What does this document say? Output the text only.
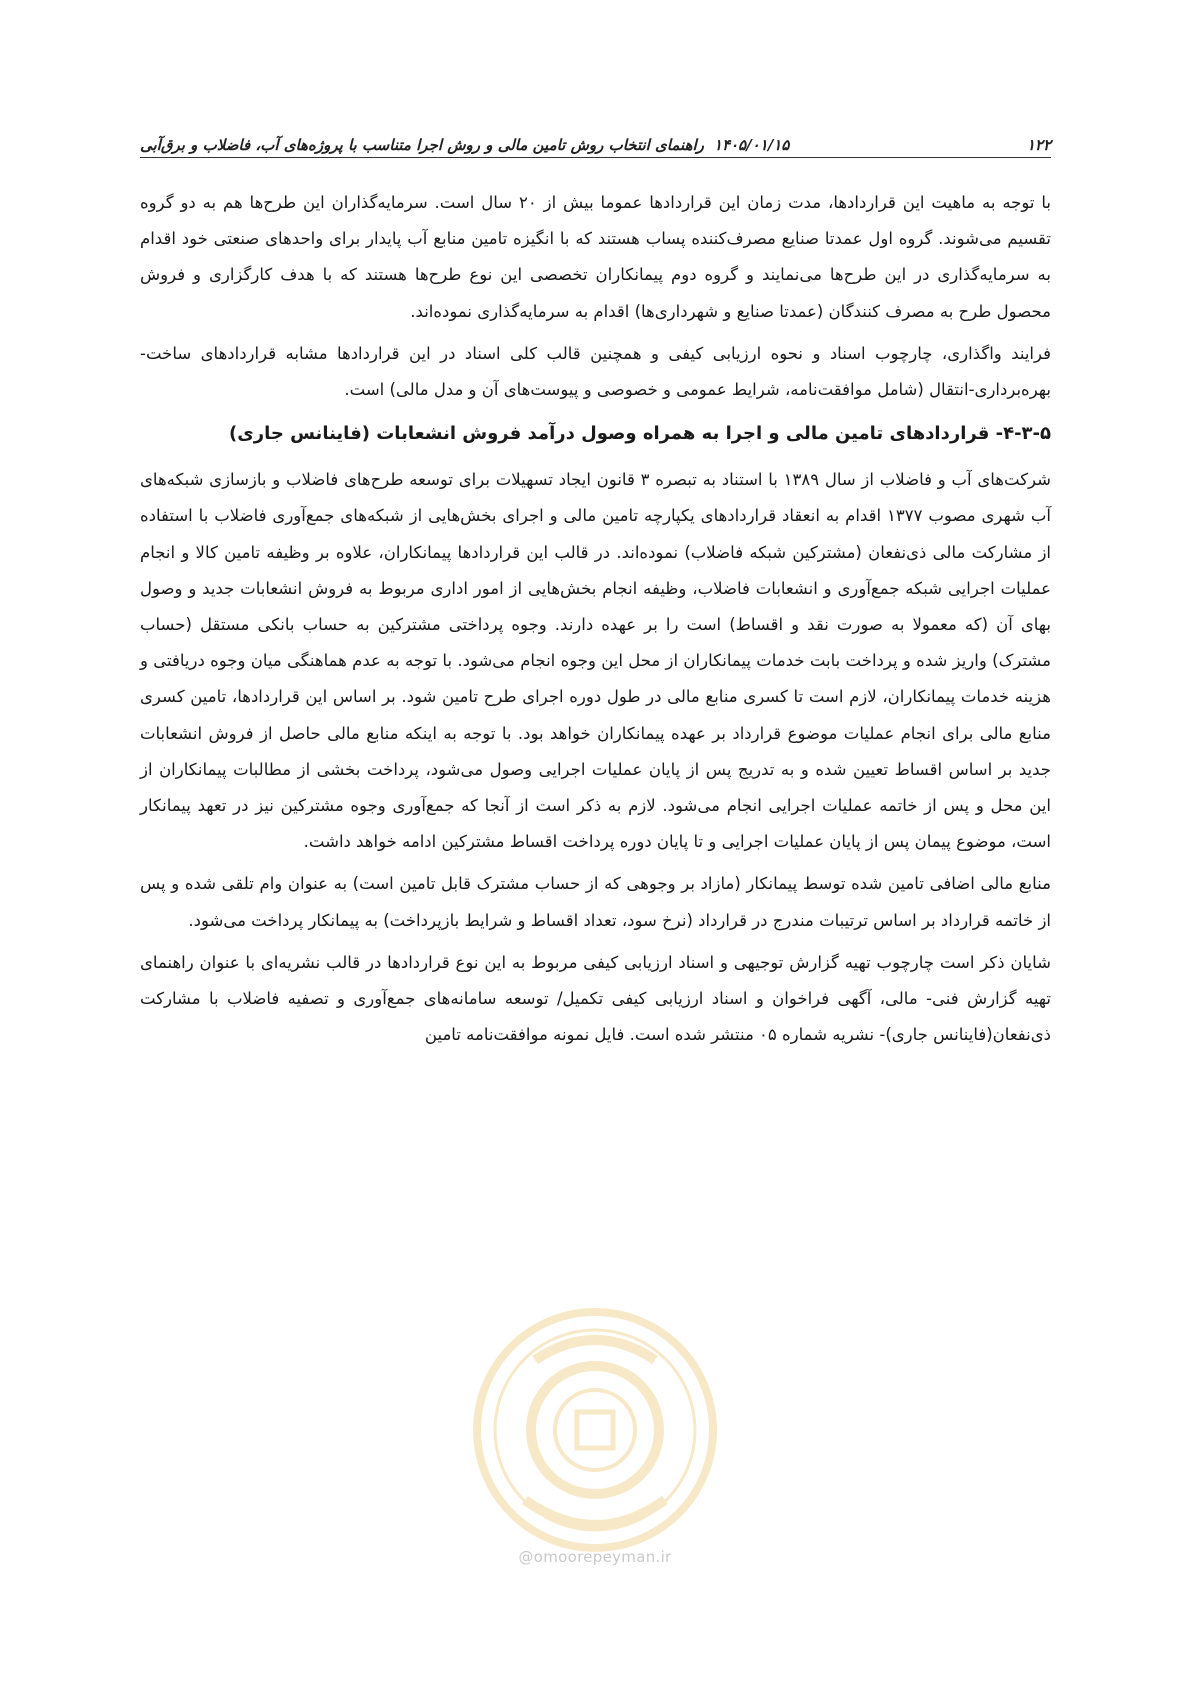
۱۲۲
۱۴۰۵/۰۱/۱۵
راهنمای انتخاب روش تامین مالی و روش اجرا متناسب با پروژه‌های آب، فاضلاب و برق‌آبی

با توجه به ماهیت این قراردادها، مدت زمان این قراردادها عموما بیش از ۲۰ سال است. سرمایه‌گذاران این طرح‌ها هم به دو گروه تقسیم می‌شوند. گروه اول عمدتا صنایع مصرف‌کننده پساب هستند که با انگیزه تامین منابع آب پایدار برای واحدهای صنعتی خود اقدام به سرمایه‌گذاری در این طرح‌ها می‌نمایند و گروه دوم پیمانکاران تخصصی این نوع طرح‌ها هستند که با هدف کارگزاری و فروش محصول طرح به مصرف کنندگان (عمدتا صنایع و شهرداری‌ها) اقدام به سرمایه‌گذاری نموده‌اند.

فرایند واگذاری، چارچوب اسناد و نحوه ارزیابی کیفی و همچنین قالب کلی اسناد در این قراردادها مشابه قراردادهای ساخت-بهره‌برداری-انتقال (شامل موافقت‌نامه، شرایط عمومی و خصوصی و پیوست‌های آن و مدل مالی) است.

۴-۳-۵- قراردادهای تامین مالی و اجرا به همراه وصول درآمد فروش انشعابات (فاینانس جاری)

شرکت‌های آب و فاضلاب از سال ۱۳۸۹ با استناد به تبصره ۳ قانون ایجاد تسهیلات برای توسعه طرح‌های فاضلاب و بازسازی شبکه‌های آب شهری مصوب ۱۳۷۷ اقدام به انعقاد قراردادهای یکپارچه تامین مالی و اجرای بخش‌هایی از شبکه‌های جمع‌آوری فاضلاب با استفاده از مشارکت مالی ذی‌نفعان (مشترکین شبکه فاضلاب) نموده‌اند. در قالب این قراردادها پیمانکاران، علاوه بر وظیفه تامین کالا و انجام عملیات اجرایی شبکه جمع‌آوری و انشعابات فاضلاب، وظیفه انجام بخش‌هایی از امور اداری مربوط به فروش انشعابات جدید و وصول بهای آن (که معمولا به صورت نقد و اقساط) است را بر عهده دارند. وجوه پرداختی مشترکین به حساب بانکی مستقل (حساب مشترک) واریز شده و پرداخت بابت خدمات پیمانکاران از محل این وجوه انجام می‌شود. با توجه به عدم هماهنگی میان وجوه دریافتی و هزینه خدمات پیمانکاران، لازم است تا کسری منابع مالی در طول دوره اجرای طرح تامین شود. بر اساس این قراردادها، تامین کسری منابع مالی برای انجام عملیات موضوع قرارداد بر عهده پیمانکاران خواهد بود. با توجه به اینکه منابع مالی حاصل از فروش انشعابات جدید بر اساس اقساط تعیین شده و به تدریج پس از پایان عملیات اجرایی وصول می‌شود، پرداخت بخشی از مطالبات پیمانکاران از این محل و پس از خاتمه عملیات اجرایی انجام می‌شود. لازم به ذکر است از آنجا که جمع‌آوری وجوه مشترکین نیز در تعهد پیمانکار است، موضوع پیمان پس از پایان عملیات اجرایی و تا پایان دوره پرداخت اقساط مشترکین ادامه خواهد داشت.

منابع مالی اضافی تامین شده توسط پیمانکار (مازاد بر وجوهی که از حساب مشترک قابل تامین است) به عنوان وام تلقی شده و پس از خاتمه قرارداد بر اساس ترتیبات مندرج در قرارداد (نرخ سود، تعداد اقساط و شرایط بازپرداخت) به پیمانکار پرداخت می‌شود.

شایان ذکر است چارچوب تهیه گزارش توجیهی و اسناد ارزیابی کیفی مربوط به این نوع قراردادها در قالب نشریه‌ای با عنوان راهنمای تهیه گزارش فنی- مالی، آگهی فراخوان و اسناد ارزیابی کیفی تکمیل/ توسعه سامانه‌های جمع‌آوری و تصفیه فاضلاب با مشارکت ذی‌نفعان(فاینانس جاری)- نشریه شماره ۰۵ منتشر شده است. فایل نمونه موافقت‌نامه تامین

@omoorepeyman.ir
